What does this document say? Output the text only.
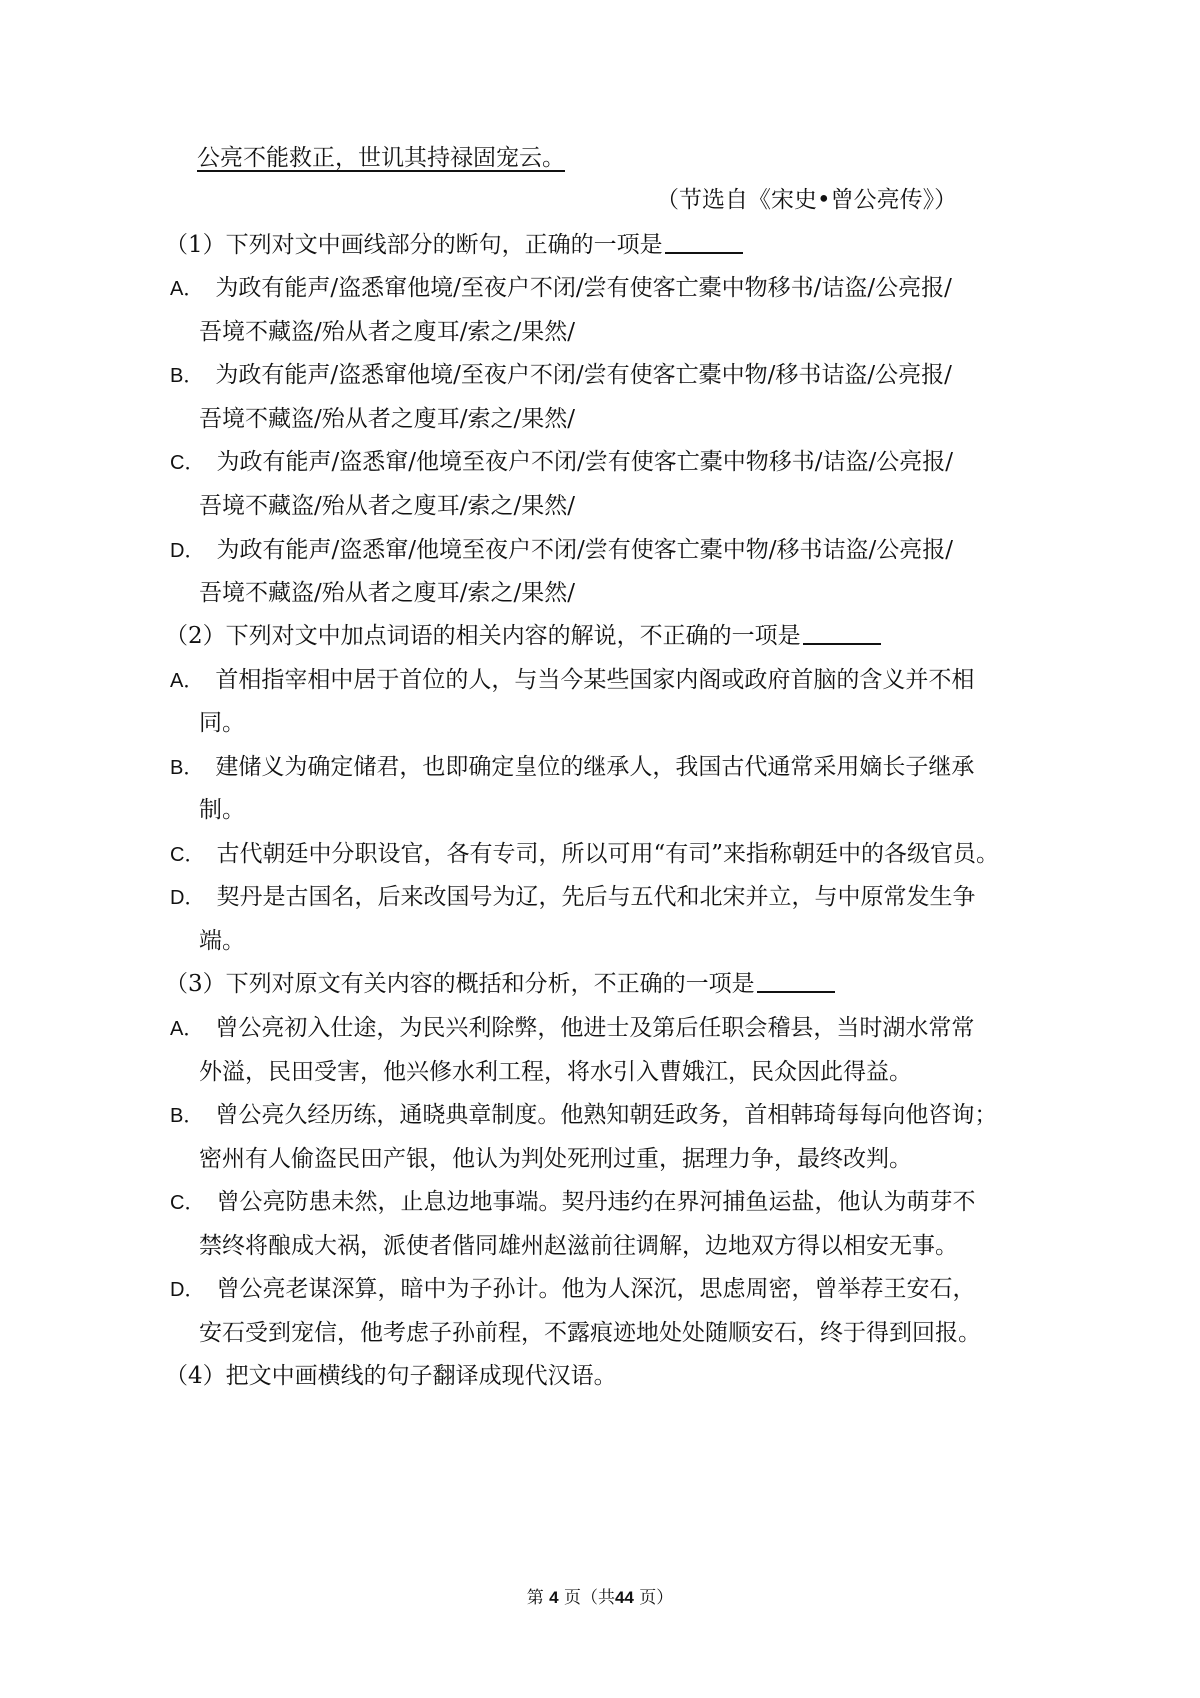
公亮不能救正，世讥其持禄固宠云。
（节选自《宋史•曾公亮传》）
（1）下列对文中画线部分的断句，正确的一项是
A． 为政有能声/盗悉窜他境/至夜户不闭/尝有使客亡橐中物移书/诘盗/公亮报/
吾境不藏盗/殆从者之廋耳/索之/果然/
B． 为政有能声/盗悉窜他境/至夜户不闭/尝有使客亡橐中物/移书诘盗/公亮报/
吾境不藏盗/殆从者之廋耳/索之/果然/
C． 为政有能声/盗悉窜/他境至夜户不闭/尝有使客亡橐中物移书/诘盗/公亮报/
吾境不藏盗/殆从者之廋耳/索之/果然/
D． 为政有能声/盗悉窜/他境至夜户不闭/尝有使客亡橐中物/移书诘盗/公亮报/
吾境不藏盗/殆从者之廋耳/索之/果然/
（2）下列对文中加点词语的相关内容的解说，不正确的一项是
A． 首相指宰相中居于首位的人，与当今某些国家内阁或政府首脑的含义并不相
同。
B． 建储义为确定储君，也即确定皇位的继承人，我国古代通常采用嫡长子继承
制。
C． 古代朝廷中分职设官，各有专司，所以可用“有司”来指称朝廷中的各级官员。
D． 契丹是古国名，后来改国号为辽，先后与五代和北宋并立，与中原常发生争
端。
（3）下列对原文有关内容的概括和分析，不正确的一项是
A． 曾公亮初入仕途，为民兴利除弊，他进士及第后任职会稽县，当时湖水常常
外溢，民田受害，他兴修水利工程，将水引入曹娥江，民众因此得益。
B． 曾公亮久经历练，通晓典章制度。他熟知朝廷政务，首相韩琦每每向他咨询；
密州有人偷盗民田产银，他认为判处死刑过重，据理力争，最终改判。
C． 曾公亮防患未然，止息边地事端。契丹违约在界河捕鱼运盐，他认为萌芽不
禁终将酿成大祸，派使者偕同雄州赵滋前往调解，边地双方得以相安无事。
D． 曾公亮老谋深算，暗中为子孙计。他为人深沉，思虑周密，曾举荐王安石，
安石受到宠信，他考虑子孙前程，不露痕迹地处处随顺安石，终于得到回报。
（4）把文中画横线的句子翻译成现代汉语。
第 4 页（共44 页）
